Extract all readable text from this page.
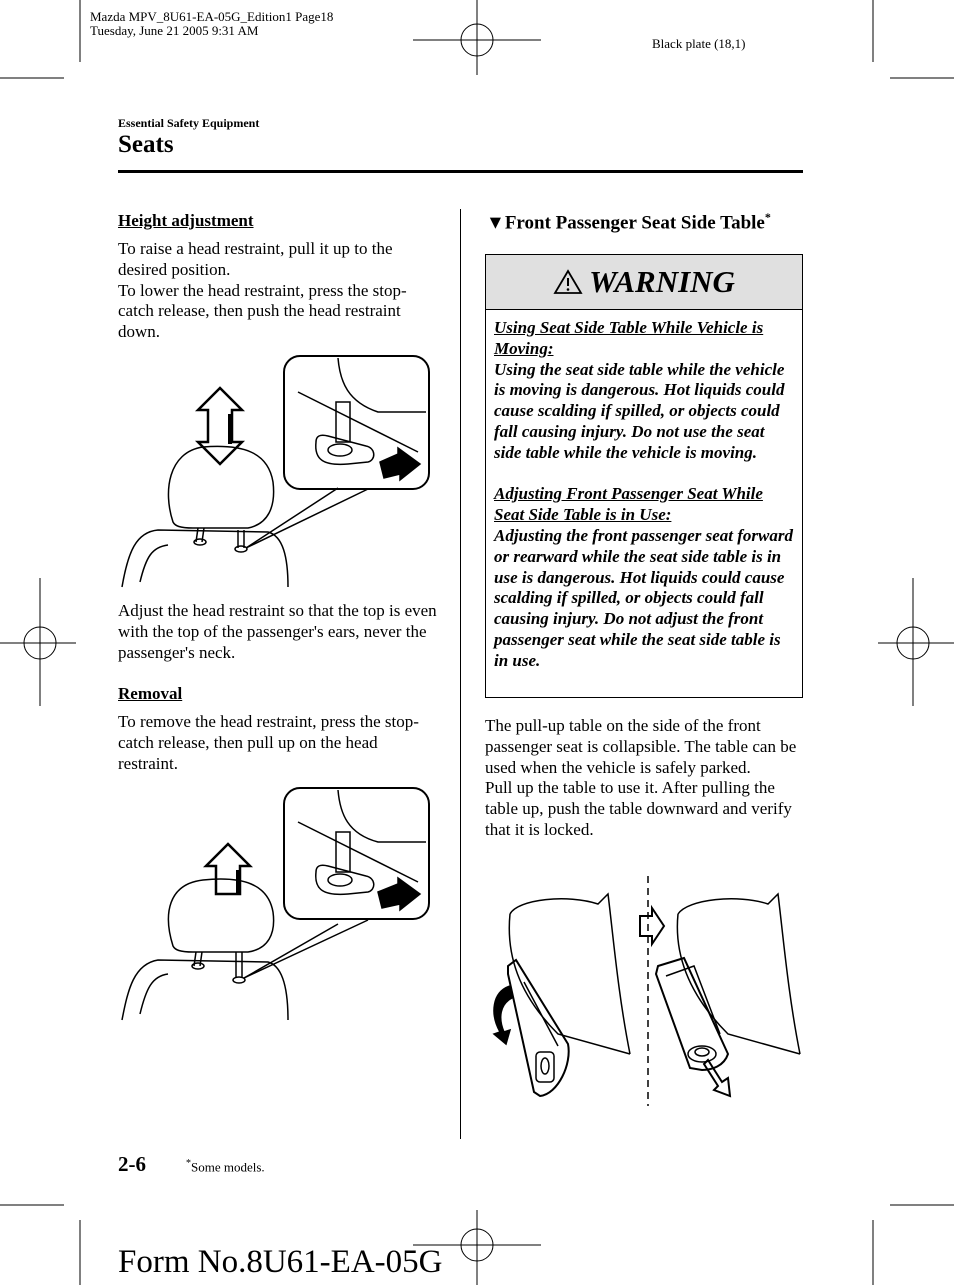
Mazda MPV_8U61-EA-05G_Edition1 Page18
Tuesday, June 21 2005 9:31 AM
Black plate (18,1)
Essential Safety Equipment
Seats
Height adjustment

To raise a head restraint, pull it up to the desired position.

To lower the head restraint, press the stop-catch release, then push the head restraint down.

Adjust the head restraint so that the top is even with the top of the passenger's ears, never the passenger's neck.
Removal
To remove the head restraint, press the stop-catch release, then pull up on the head restraint.
▼Front Passenger Seat Side Table*
WARNING

Using Seat Side Table While Vehicle is Moving:

Using the seat side table while the vehicle is moving is dangerous. Hot liquids could cause scalding if spilled, or objects could fall causing injury. Do not use the seat side table while the vehicle is moving.

Adjusting Front Passenger Seat While Seat Side Table is in Use:

Adjusting the front passenger seat forward or rearward while the seat side table is in use is dangerous. Hot liquids could cause scalding if spilled, or objects could fall causing injury. Do not adjust the front passenger seat while the seat side table is in use.

The pull-up table on the side of the front passenger seat is collapsible. The table can be used when the vehicle is safely parked.

Pull up the table to use it. After pulling the table up, push the table downward and verify that it is locked.

2-6	*Some models.
Form No.8U61-EA-05G
